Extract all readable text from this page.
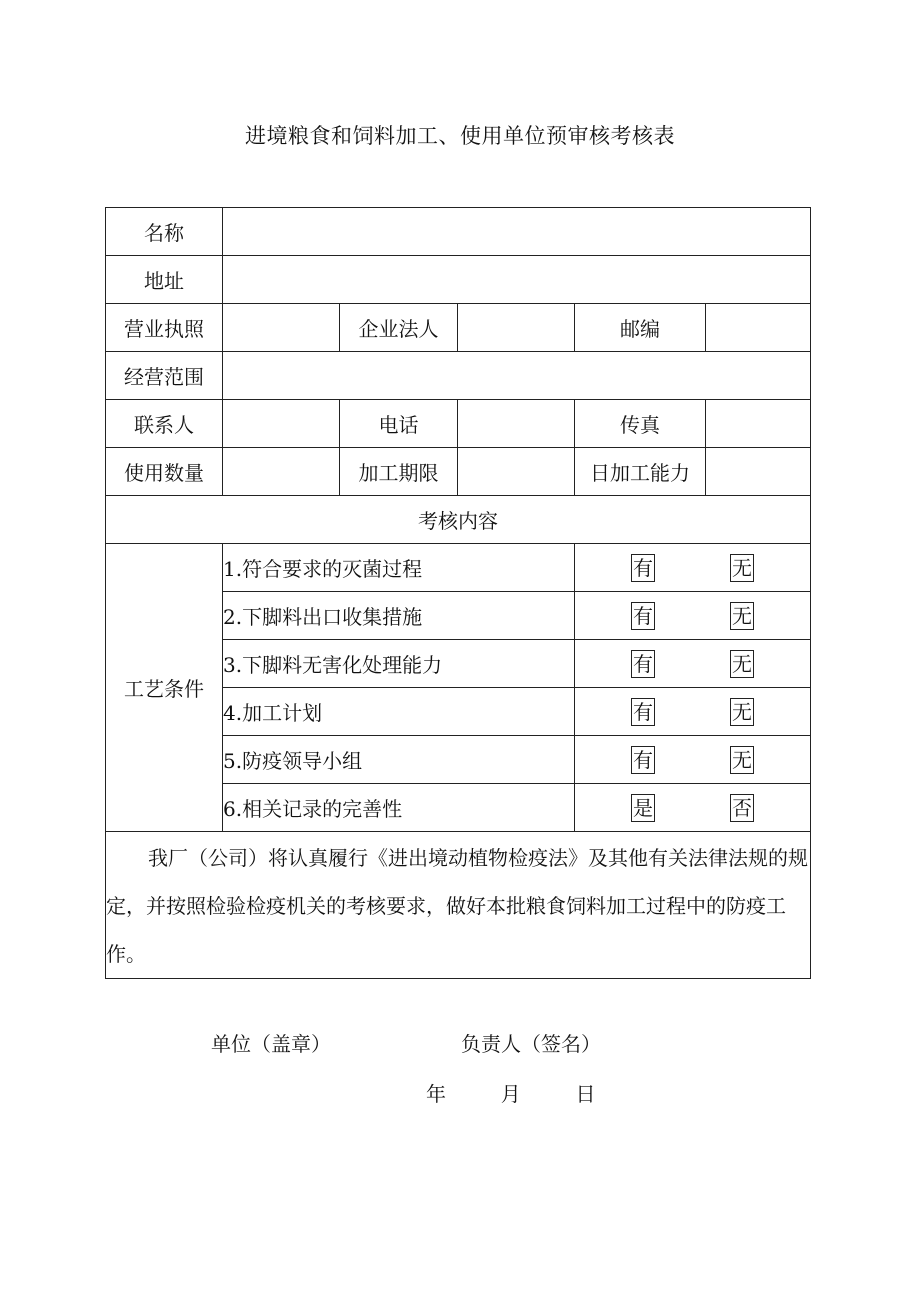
进境粮食和饲料加工、使用单位预审核考核表
名称					
地址					
营业执照		企业法人		邮编	
经营范围					
联系人		电话		传真	
使用数量		加工期限		日加工能力	
考核内容					
工艺条件	1.符合要求的灭菌过程			有 无	

	2.下脚料出口收集措施			有 无	

	3.下脚料无害化处理能力			有 无	

	4.加工计划			有 无	

	5.防疫领导小组			有 无	

	6.相关记录的完善性			是 否	

我厂（公司）将认真履行《进出境动植物检疫法》及其他有关法律法规的规定，并按照检验检疫机关的考核要求，做好本批粮食饲料加工过程中的防疫工作。
单位（盖章） 负责人（签名）
年 月 日					
